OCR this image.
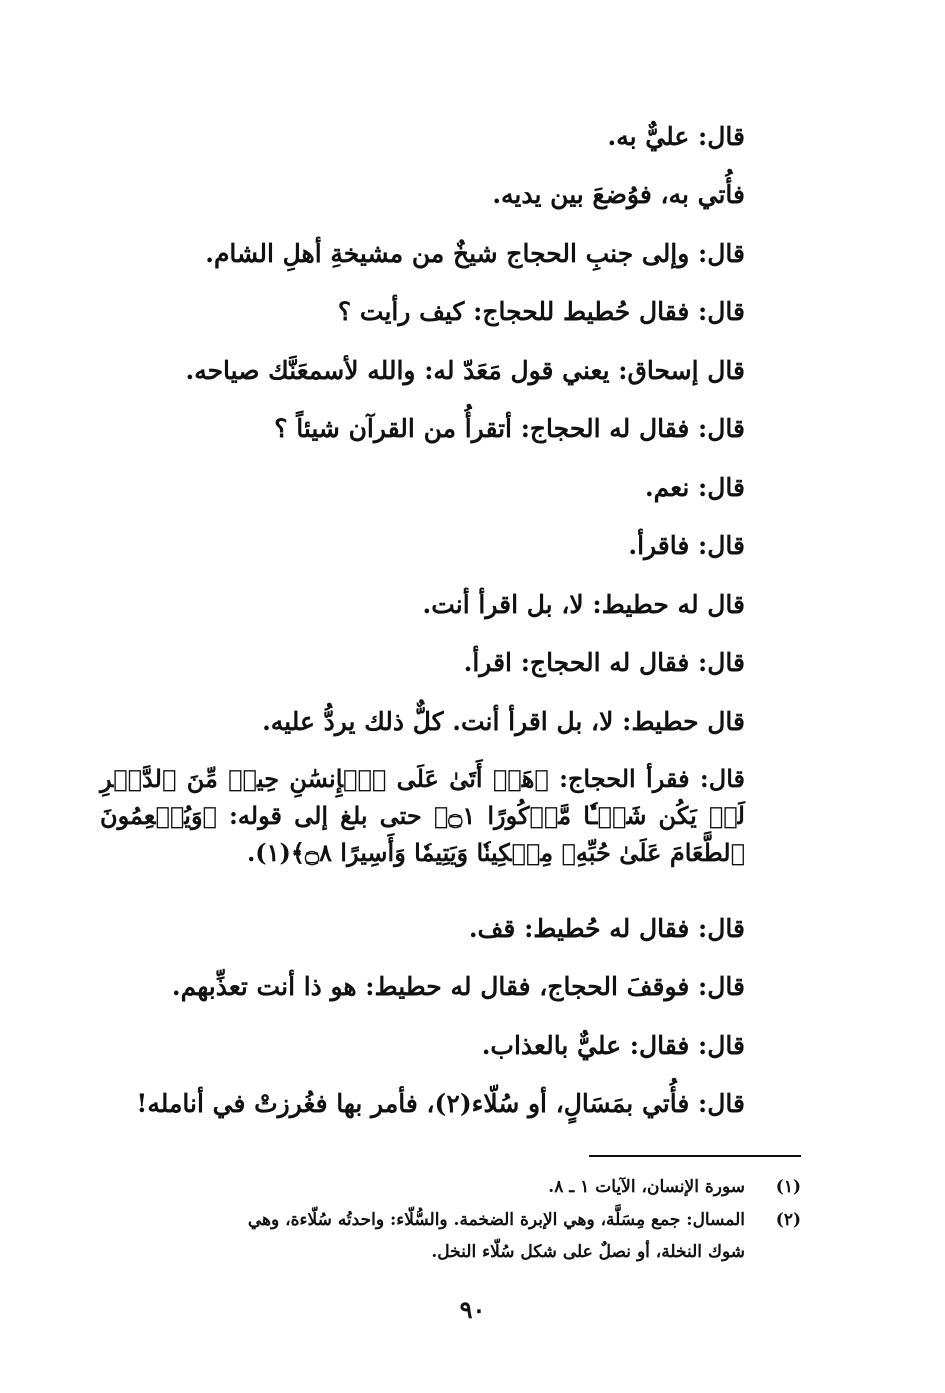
قال: عليٌّ به.
فأُتي به، فوُضعَ بين يديه.
قال: وإلى جنبِ الحجاج شيخٌ من مشيخةِ أهلِ الشام.
قال: فقال حُطيط للحجاج: كيف رأيت ؟
قال إسحاق: يعني قول مَعَدّ له: والله لأسمعَنَّك صياحه.
قال: فقال له الحجاج: أتقرأُ من القرآن شيئاً ؟
قال: نعم.
قال: فاقرأ.
قال له حطيط: لا، بل اقرأ أنت.
قال: فقال له الحجاج: اقرأ.
قال حطيط: لا، بل اقرأ أنت. كلٌّ ذلك يردُّ عليه.
قال: فقرأ الحجاج: ﴿هَلۡ أَتَىٰ عَلَى ٱلۡإِنسَٰنِ حِينٞ مِّنَ ٱلدَّهۡرِ لَمۡ يَكُن شَيۡـٔٗا مَّذۡكُورًا ۝١﴾ حتى بلغ إلى قوله: ﴿وَيُطۡعِمُونَ ٱلطَّعَامَ عَلَىٰ حُبِّهِۦ مِسۡكِينٗا وَيَتِيمٗا وَأَسِيرًا ۝٨﴾(١).
قال: فقال له حُطيط: قف.
قال: فوقفَ الحجاج، فقال له حطيط: هو ذا أنت تعذِّبهم.
قال: فقال: عليٌّ بالعذاب.
قال: فأُتي بمَسَالٍ، أو سُلّاء(٢)، فأمر بها فغُرزتْ في أنامله!
(١)
سورة الإنسان، الآيات ١ ـ ٨.
(٢)
المسال: جمع مِسَلَّة، وهي الإبرة الضخمة. والسُّلّاء: واحدتُه سُلّاءة، وهي
شوك النخلة، أو نصلٌ على شكل سُلّاء النخل.
٩٠
